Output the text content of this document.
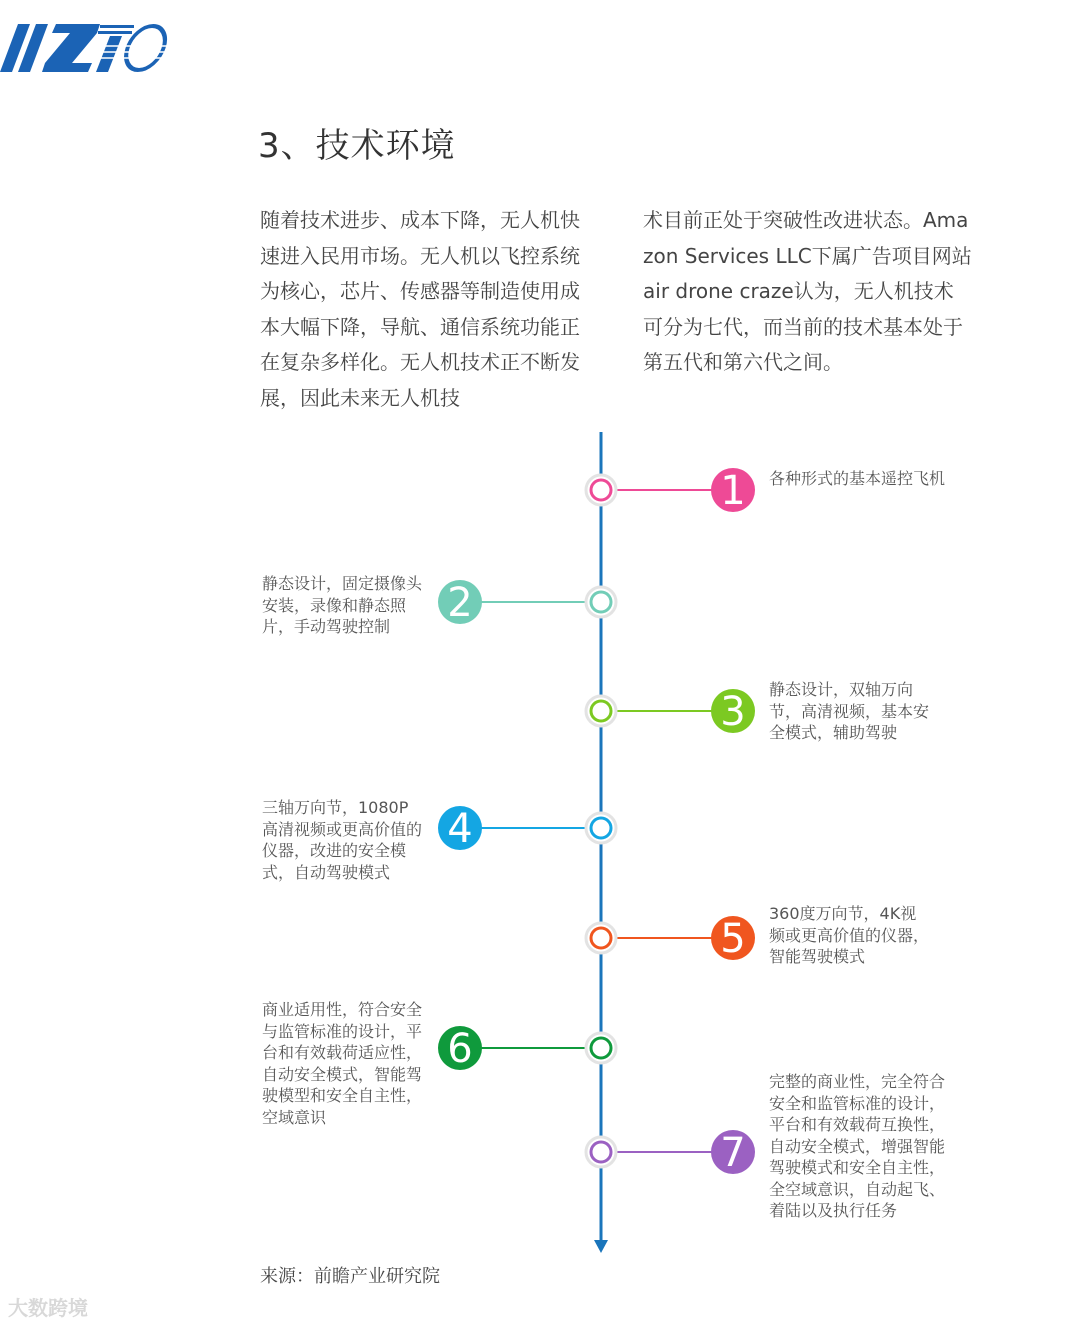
3、技术环境

随着技术进步、成本下降，无人机快速进入民用市场。无人机以飞控系统为核心，芯片、传感器等制造使用成本大幅下降，导航、通信系统功能正在复杂多样化。无人机技术正不断发展，因此未来无人机技

术目前正处于突破性改进状态。Amazon Services LLC下属广告项目网站air drone craze认为，无人机技术可分为七代，而当前的技术基本处于第五代和第六代之间。

1
2
3
4
5
6
7

各种形式的基本遥控飞机

静态设计，固定摄像头安装，录像和静态照片，手动驾驶控制

静态设计，双轴万向节，高清视频，基本安全模式，辅助驾驶

三轴万向节，1080P高清视频或更高价值的仪器，改进的安全模式，自动驾驶模式

360度万向节，4K视频或更高价值的仪器，智能驾驶模式

商业适用性，符合安全与监管标准的设计，平台和有效载荷适应性，自动安全模式，智能驾驶模型和安全自主性，空域意识

完整的商业性，完全符合安全和监管标准的设计，平台和有效载荷互换性，自动安全模式，增强智能驾驶模式和安全自主性，全空域意识，自动起飞、着陆以及执行任务

来源：前瞻产业研究院
大数跨境
